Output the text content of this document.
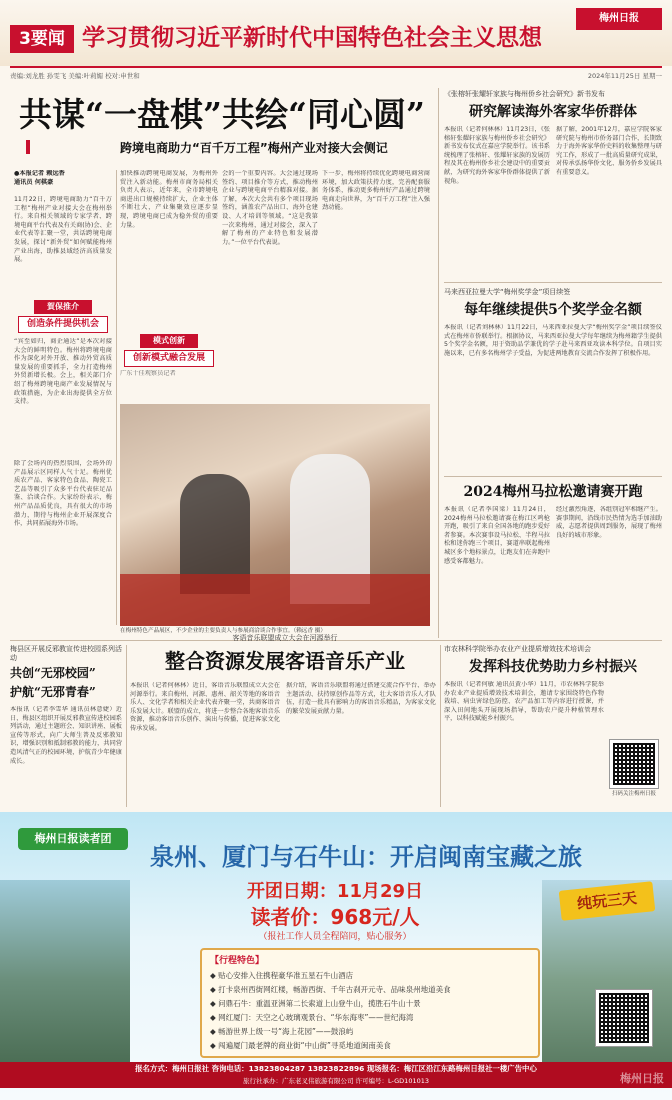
3要闻 学习贯彻习近平新时代中国特色社会主义思想
梅州日报
责编:刘龙胜 孙雯飞 美编:叶莉媚 校对:申世和	2024年11月25日 星期一
共谋“一盘棋”共绘“同心圆”
跨境电商助力“百千万工程”梅州产业对接大会侧记
●本报记者 赖远香
通讯员 何棋豪
11月22日，跨境电商助力“百千万工程”梅州产业对接大会在梅州举行。来自相关领域的专家学者、跨境电商平台代表及有关商(协)会、企业代表等汇聚一堂，共话跨境电商发展，探讨“新外贸”如何赋能梅州产业出海，助推县域经济高质量发展。
賀保推介
创造条件提供机会
“宾至如归，商企通达”是本次对接大会的鲜明特色。梅州将跨境电商作为深化对外开放、推动外贸高质量发展的重要抓手，全力打造梅州外贸新增长极。会上，相关部门介绍了梅州跨境电商产业发展情况与政策措施，为企业出海提供全方位支持。
除了会场内的热烈氛围，会场外的产品展示区同样人气十足。梅州优质农产品、客家特色食品、陶瓷工艺品等吸引了众多平台代表驻足品鉴、洽谈合作。大家纷纷表示，梅州产品品质优良，具有很大的市场潜力，期待与梅州企业开展深度合作，共同拓展海外市场。
加快推动跨境电商发展，为梅州外贸注入新动能。梅州市商务局相关负责人表示，近年来，全市跨境电商进出口规模持续扩大，企业主体不断壮大，产业集聚效应逐步显现，跨境电商已成为稳外贸的重要力量。
模式创新
创新模式融合发展
广东十佳观察员记者
会的一个重要内容。大会通过现场签约、项目推介等方式，推动梅州企业与跨境电商平台精准对接。据了解，本次大会共有多个项目现场签约，涵盖农产品出口、海外仓建设、人才培训等领域。“这是我第一次来梅州，通过对接会，深入了解了梅州的产业特色和发展潜力。”一位平台代表说。
下一步，梅州将持续优化跨境电商营商环境，加大政策扶持力度，完善配套服务体系，推动更多梅州好产品通过跨境电商走向世界，为“百千万工程”注入强劲动能。
在梅州特色产品展区，不少企业的主要负责人与参展商洽谈合作事宜。（赖远香 摄）
《张榕轩张耀轩家族与梅州侨乡社会研究》新书发布
研究解读海外客家华侨群体
本报讯（记者何林林）11月23日，《张榕轩张耀轩家族与梅州侨乡社会研究》新书发布仪式在嘉应学院举行。该书系统梳理了张榕轩、张耀轩家族的发展历程及其在梅州侨乡社会建设中的重要贡献，为研究海外客家华侨群体提供了新视角。
据了解，2001年12月，嘉应学院客家研究院与梅州市侨务部门合作，长期致力于海外客家华侨史料的收集整理与研究工作，形成了一批高质量研究成果，对传承弘扬华侨文化、服务侨乡发展具有重要意义。
马来西亚拉曼大学“梅州奖学金”项目续签
每年继续提供5个奖学金名额
本报讯（记者刘林林）11月22日，马来西亚拉曼大学“梅州奖学金”项目续签仪式在梅州市侨联举行。根据协议，马来西亚拉曼大学每年继续为梅州籍学生提供5个奖学金名额，用于资助品学兼优的学子赴马来西亚攻读本科学位。自项目实施以来，已有多名梅州学子受益，为促进两地教育交流合作发挥了积极作用。
2024梅州马拉松邀请赛开跑
本报讯（记者李国梁）11月24日，2024梅州马拉松邀请赛在梅江区鸣枪开跑，吸引了来自全国各地的跑步爱好者参赛。本次赛事设马拉松、半程马拉松和迷你跑三个项目，赛道串联起梅州城区多个地标景点，让跑友们在奔跑中感受客都魅力。
经过激烈角逐，各组别冠军相继产生。赛事期间，沿线市民热情为选手加油助威，志愿者提供周到服务，展现了梅州良好的城市形象。
梅县区开展反邪教宣传进校园系列活动
共创“无邪校园”
护航“无邪青春”
本报讯（记者李雪华 通讯员林意婕）近日，梅县区组织开展反邪教宣传进校园系列活动，通过主题班会、知识讲座、展板宣传等形式，向广大师生普及反邪教知识，增强识别和抵制邪教的能力，共同营造风清气正的校园环境，护航青少年健康成长。
客语音乐联盟成立大会在河源举行
整合资源发展客语音乐产业
本报讯（记者何林林）近日，客语音乐联盟成立大会在河源举行。来自梅州、河源、惠州、韶关等地的客语音乐人、文化学者和相关企业代表齐聚一堂，共商客语音乐发展大计。联盟的成立，将进一步整合各地客语音乐资源，推动客语音乐创作、演出与传播，促进客家文化传承发展。
据介绍，客语音乐联盟将通过搭建交流合作平台、举办主题活动、扶持原创作品等方式，壮大客语音乐人才队伍，打造一批具有影响力的客语音乐精品，为客家文化的繁荣发展贡献力量。
市农林科学院举办农业产业提质增效技术培训会
发挥科技优势助力乡村振兴
本报讯（记者何敏 通讯员黄小华）11月，市农林科学院举办农业产业提质增效技术培训会，邀请专家围绕特色作物栽培、病虫害绿色防控、农产品加工等内容进行授课，并深入田间地头开展现场指导，帮助农户提升种植管理水平，以科技赋能乡村振兴。
扫码关注梅州日报
梅州日报读者团
泉州、厦门与石牛山：开启闽南宝藏之旅
纯玩三天
开团日期：11月29日
读者价：968元/人
（报社工作人员全程陪同，贴心服务）
【行程特色】
◆ 贴心安排入住携程豪华准五星石牛山酒店
◆ 打卡泉州西街网红楼，畅游西街、千年古刹开元寺、品味泉州地道美食
◆ 问鼎石牛：重温亚洲第二长索道上山登牛山，揽胜石牛山十景
◆ 网红厦门：天空之心玻璃观景台、“华东海枣”——世纪海湾
◆ 畅游世界上级一号“海上花园”——鼓浪屿
◆ 闯遍厦门最老牌的商业街“中山街”寻觅地道闽南美食
报名方式：梅州日报社 咨询电话：13823804287 13823822896 现场报名：梅江区沿江东路梅州日报社一楼广告中心
旅行社承办：广东老叉伟旅游有限公司 许可编号：L-GD101013	梅州日报
